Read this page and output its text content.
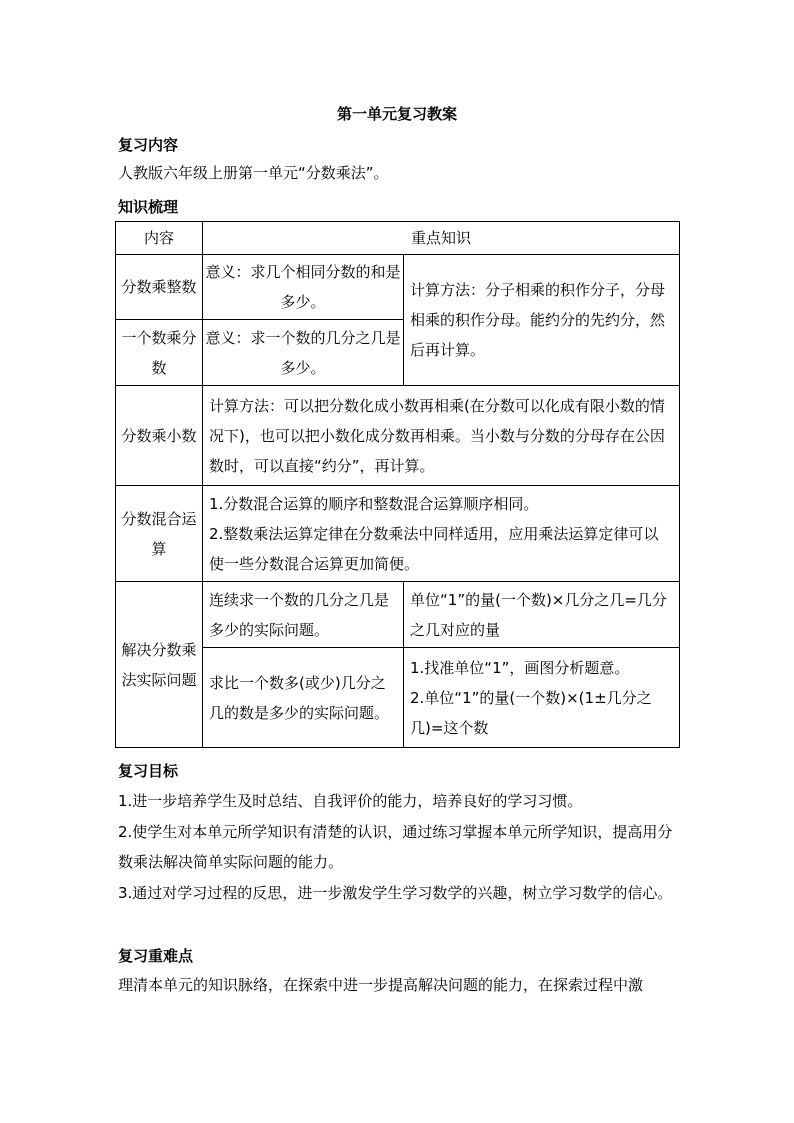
第一单元复习教案
复习内容
人教版六年级上册第一单元“分数乘法”。
知识梳理
内容	重点知识	
分数乘整数	意义：求几个相同分数的和是多少。	计算方法：分子相乘的积作分子，分母相乘的积作分母。能约分的先约分，然后再计算。
一个数乘分数	意义：求一个数的几分之几是多少。	
分数乘小数	计算方法：可以把分数化成小数再相乘(在分数可以化成有限小数的情况下)，也可以把小数化成分数再相乘。当小数与分数的分母存在公因数时，可以直接“约分”，再计算。	
分数混合运算	1.分数混合运算的顺序和整数混合运算顺序相同。
2.整数乘法运算定律在分数乘法中同样适用，应用乘法运算定律可以使一些分数混合运算更加简便。	

解决分数乘法实际问题	连续求一个数的几分之几是多少的实际问题。	单位“1”的量(一个数)×几分之几=几分之几对应的量
	求比一个数多(或少)几分之几的数是多少的实际问题。	1.找准单位“1”，画图分析题意。
2.单位“1”的量(一个数)×(1±几分之几)=这个数
复习目标
1.进一步培养学生及时总结、自我评价的能力，培养良好的学习习惯。
2.使学生对本单元所学知识有清楚的认识，通过练习掌握本单元所学知识，提高用分数乘法解决简单实际问题的能力。
3.通过对学习过程的反思，进一步激发学生学习数学的兴趣，树立学习数学的信心。
复习重难点
理清本单元的知识脉络，在探索中进一步提高解决问题的能力，在探索过程中激
